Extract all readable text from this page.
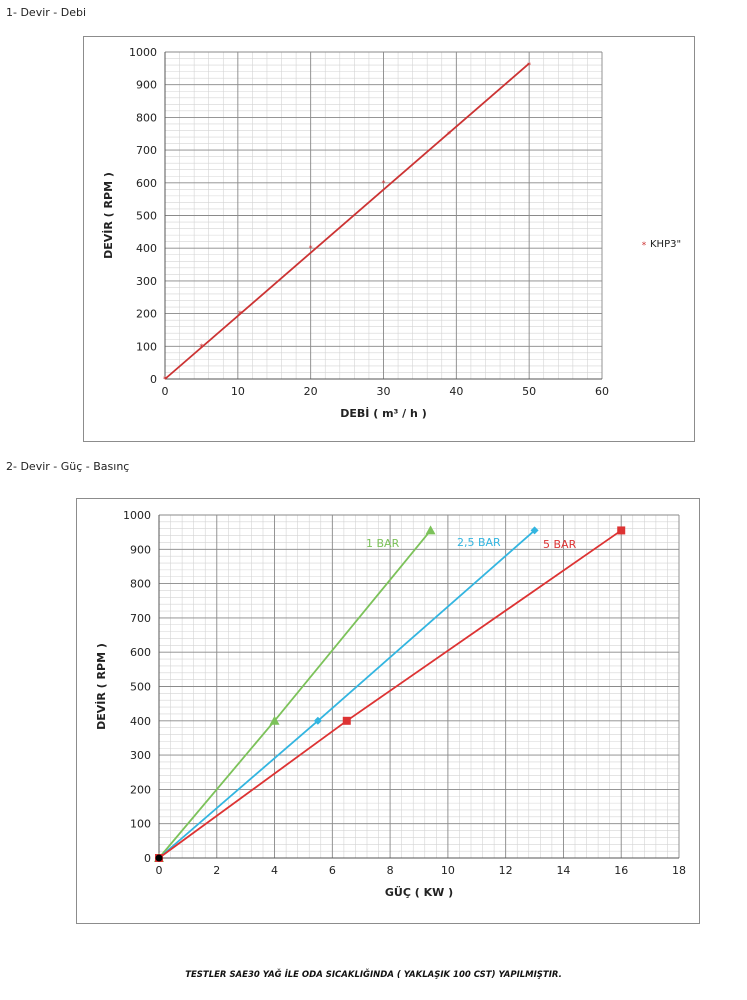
1- Devir - Debi
0	10	20	30	40	50	60
0
100
200
300
400
500
600
700
800
900
1000
DEBİ ( m³ / h )
DEVİR ( RPM )
*
*
*
*
*
*
*
* KHP3"
2- Devir - Güç - Basınç
0	2	4	6	8	10	12	14	16	18
0
100
200
300
400
500
600
700
800
900
1000
GÜÇ ( KW )
DEVİR ( RPM )
1 BAR	2,5 BAR	5 BAR
TESTLER SAE30 YAĞ İLE ODA SICAKLIĞINDA ( YAKLAŞIK 100 CST) YAPILMIŞTIR.
